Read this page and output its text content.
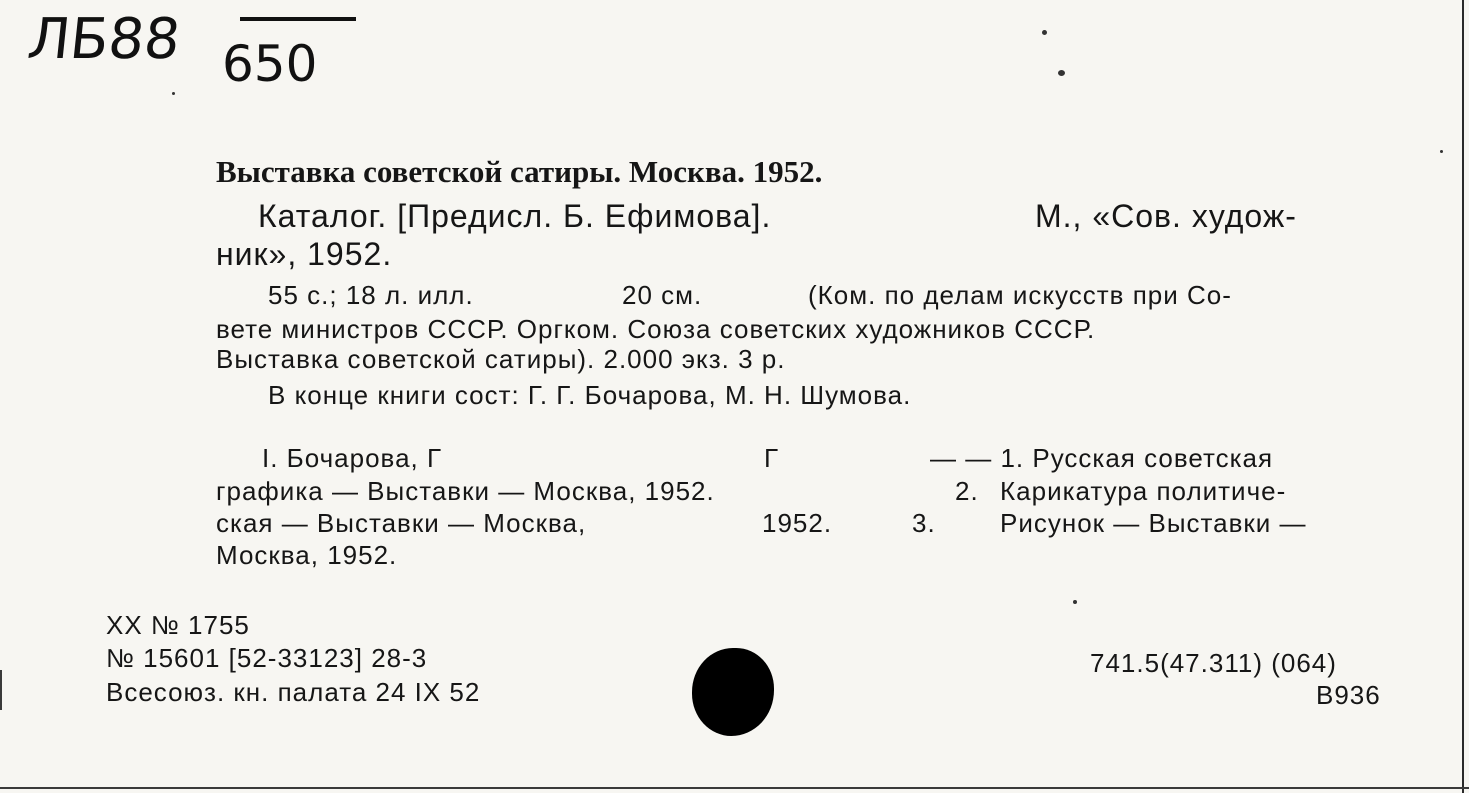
ЛБ88 650
Выставка советской сатиры. Москва. 1952.
Каталог. [Предисл. Б. Ефимова].	М., «Сов. худож‑
ник», 1952.
55 с.; 18 л. илл.	20 см.	(Ком. по делам искусств при Со‑
вете министров СССР. Оргком. Союза советских художников СССР.
Выставка советской сатиры). 2.000 экз. 3 р.
В конце книги сост: Г. Г. Бочарова, М. Н. Шумова.
I. Бочарова, Г	Г	— — 1. Русская советская
графика — Выставки — Москва, 1952.	2. Карикатура политиче‑
ская — Выставки — Москва,	1952.	3. Рисунок — Выставки —
Москва, 1952.
XX № 1755
№ 15601 [52-33123] 28-3
Всесоюз. кн. палата 24 IX 52
741.5(47.311) (064)
В936
